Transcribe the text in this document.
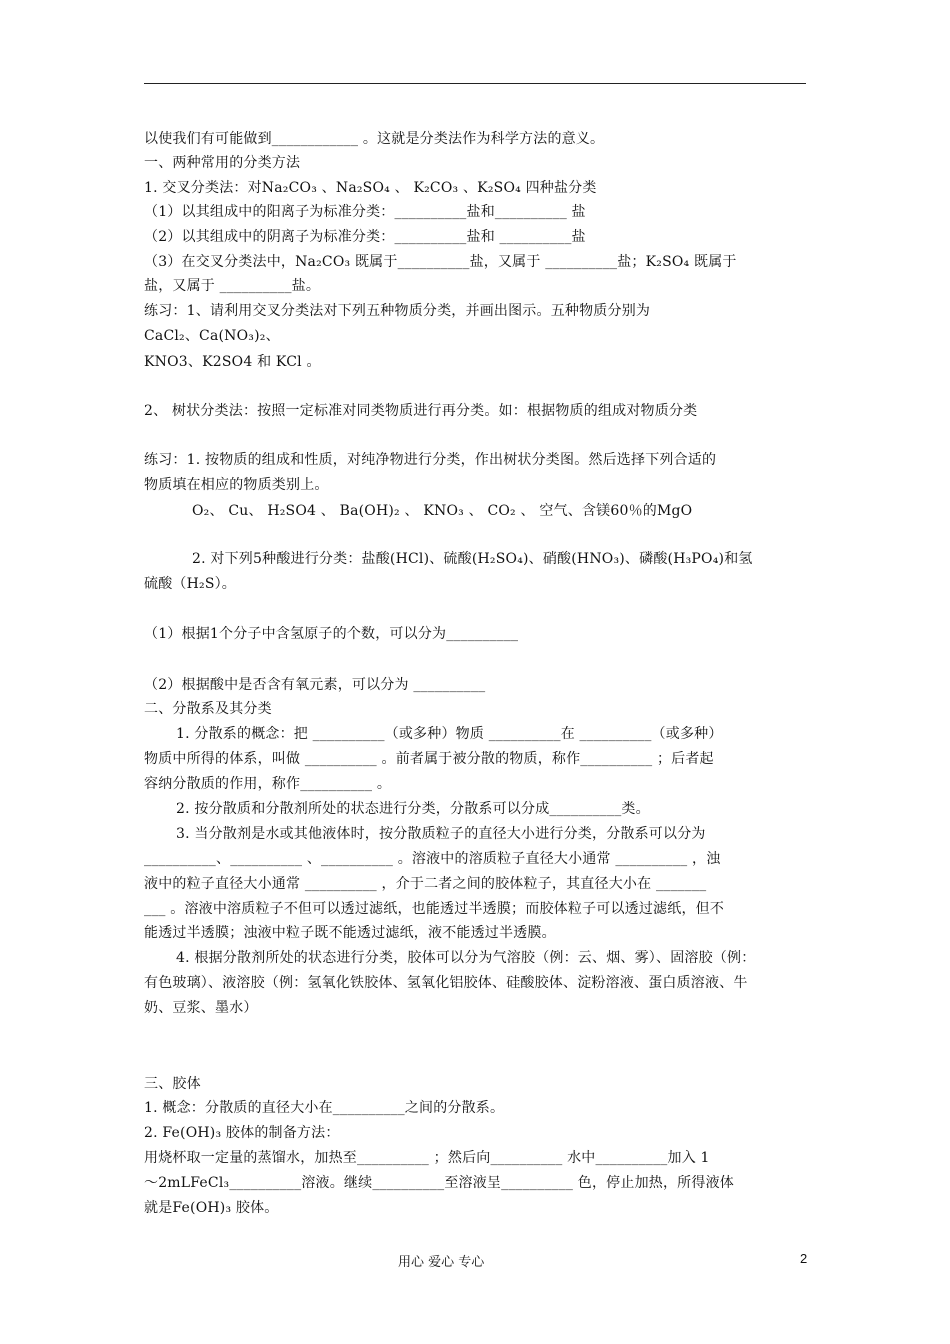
以使我们有可能做到____________ 。这就是分类法作为科学方法的意义。
一、两种常用的分类方法
1. 交叉分类法：对Na₂CO₃ 、Na₂SO₄ 、 K₂CO₃ 、K₂SO₄ 四种盐分类
（1）以其组成中的阳离子为标准分类：__________盐和__________ 盐
（2）以其组成中的阴离子为标准分类：__________盐和 __________盐
（3）在交叉分类法中，Na₂CO₃ 既属于__________盐，又属于 __________盐；K₂SO₄ 既属于
盐，又属于 __________盐。
练习：1、请利用交叉分类法对下列五种物质分类，并画出图示。五种物质分别为
CaCl₂、Ca(NO₃)₂、
KNO3、K2SO4 和 KCl 。
2、 树状分类法：按照一定标准对同类物质进行再分类。如：根据物质的组成对物质分类
练习：1. 按物质的组成和性质，对纯净物进行分类，作出树状分类图。然后选择下列合适的
物质填在相应的物质类别上。
O₂、 Cu、 H₂SO4 、 Ba(OH)₂ 、 KNO₃ 、 CO₂ 、 空气、含镁60％的MgO
2. 对下列5种酸进行分类：盐酸(HCl)、硫酸(H₂SO₄)、硝酸(HNO₃)、磷酸(H₃PO₄)和氢
硫酸（H₂S）。
（1）根据1个分子中含氢原子的个数，可以分为__________
（2）根据酸中是否含有氧元素，可以分为 __________
二、分散系及其分类
1. 分散系的概念：把 __________（或多种）物质 __________在 __________（或多种）
物质中所得的体系，叫做 __________ 。前者属于被分散的物质，称作__________ ；后者起
容纳分散质的作用，称作__________ 。
2. 按分散质和分散剂所处的状态进行分类，分散系可以分成__________类。
3. 当分散剂是水或其他液体时，按分散质粒子的直径大小进行分类，分散系可以分为
__________、__________ 、__________ 。溶液中的溶质粒子直径大小通常 __________ ，浊
液中的粒子直径大小通常 __________ ，介于二者之间的胶体粒子，其直径大小在 _______
___ 。溶液中溶质粒子不但可以透过滤纸，也能透过半透膜；而胶体粒子可以透过滤纸，但不
能透过半透膜；浊液中粒子既不能透过滤纸，液不能透过半透膜。
4. 根据分散剂所处的状态进行分类，胶体可以分为气溶胶（例：云、烟、雾）、固溶胶（例：
有色玻璃）、液溶胶（例：氢氧化铁胶体、氢氧化铝胶体、硅酸胶体、淀粉溶液、蛋白质溶液、牛
奶、豆浆、墨水）
三、胶体
1. 概念：分散质的直径大小在__________之间的分散系。
2. Fe(OH)₃ 胶体的制备方法：
用烧杯取一定量的蒸馏水，加热至__________ ；然后向__________ 水中__________加入 1
～2mLFeCl₃__________溶液。继续__________至溶液呈__________ 色，停止加热，所得液体
就是Fe(OH)₃ 胶体。
用心 爱心 专心	2
